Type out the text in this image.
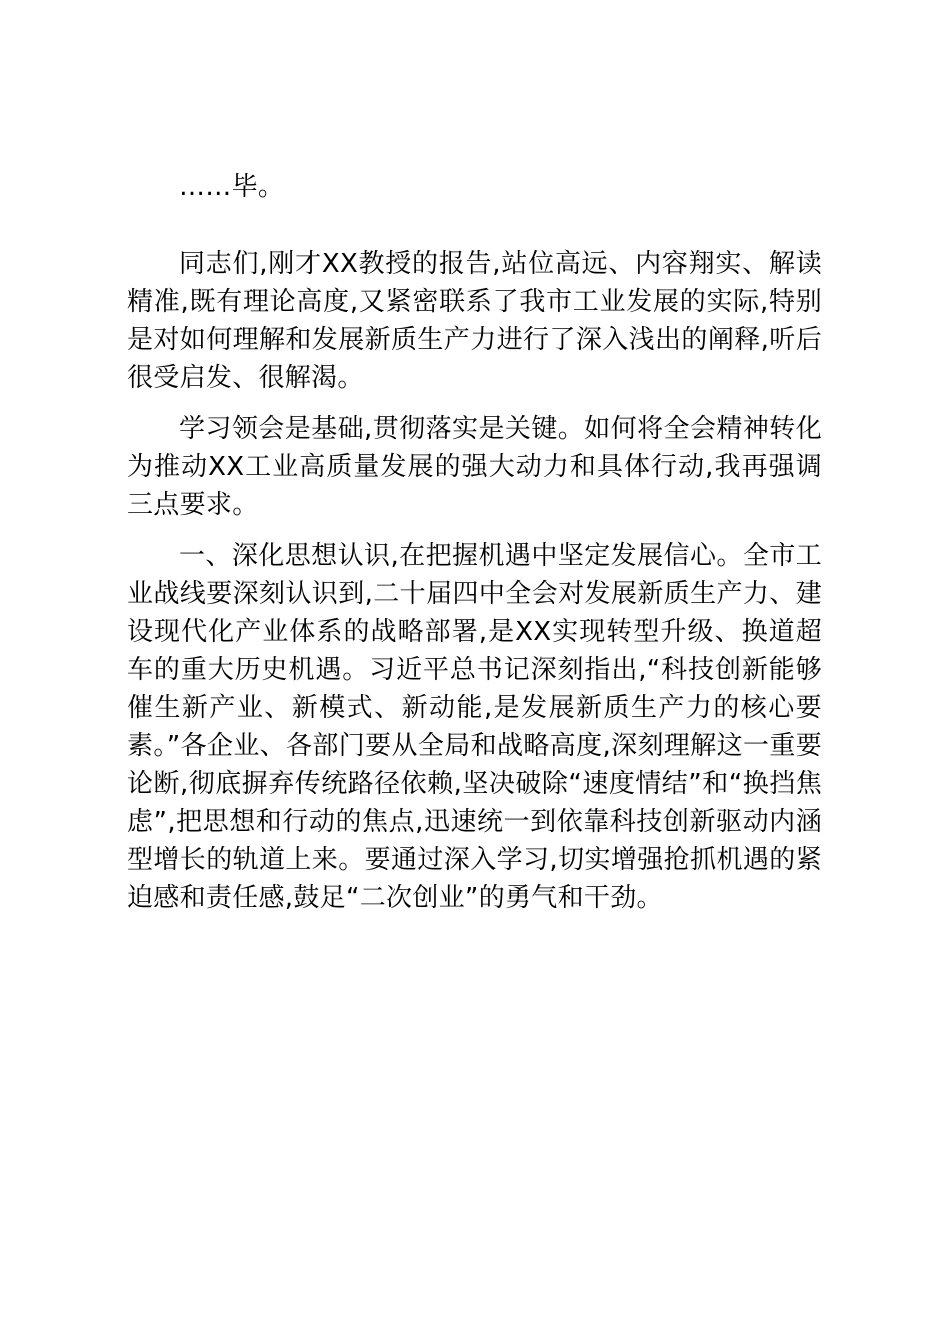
……毕。

同志们,刚才XX教授的报告,站位高远、内容翔实、解读精准,既有理论高度,又紧密联系了我市工业发展的实际,特别是对如何理解和发展新质生产力进行了深入浅出的阐释,听后很受启发、很解渴。

学习领会是基础,贯彻落实是关键。如何将全会精神转化为推动XX工业高质量发展的强大动力和具体行动,我再强调三点要求。

一、深化思想认识,在把握机遇中坚定发展信心。全市工业战线要深刻认识到,二十届四中全会对发展新质生产力、建设现代化产业体系的战略部署,是XX实现转型升级、换道超车的重大历史机遇。习近平总书记深刻指出,“科技创新能够催生新产业、新模式、新动能,是发展新质生产力的核心要素。”各企业、各部门要从全局和战略高度,深刻理解这一重要论断,彻底摒弃传统路径依赖,坚决破除“速度情结”和“换挡焦虑”,把思想和行动的焦点,迅速统一到依靠科技创新驱动内涵型增长的轨道上来。要通过深入学习,切实增强抢抓机遇的紧迫感和责任感,鼓足“二次创业”的勇气和干劲。
